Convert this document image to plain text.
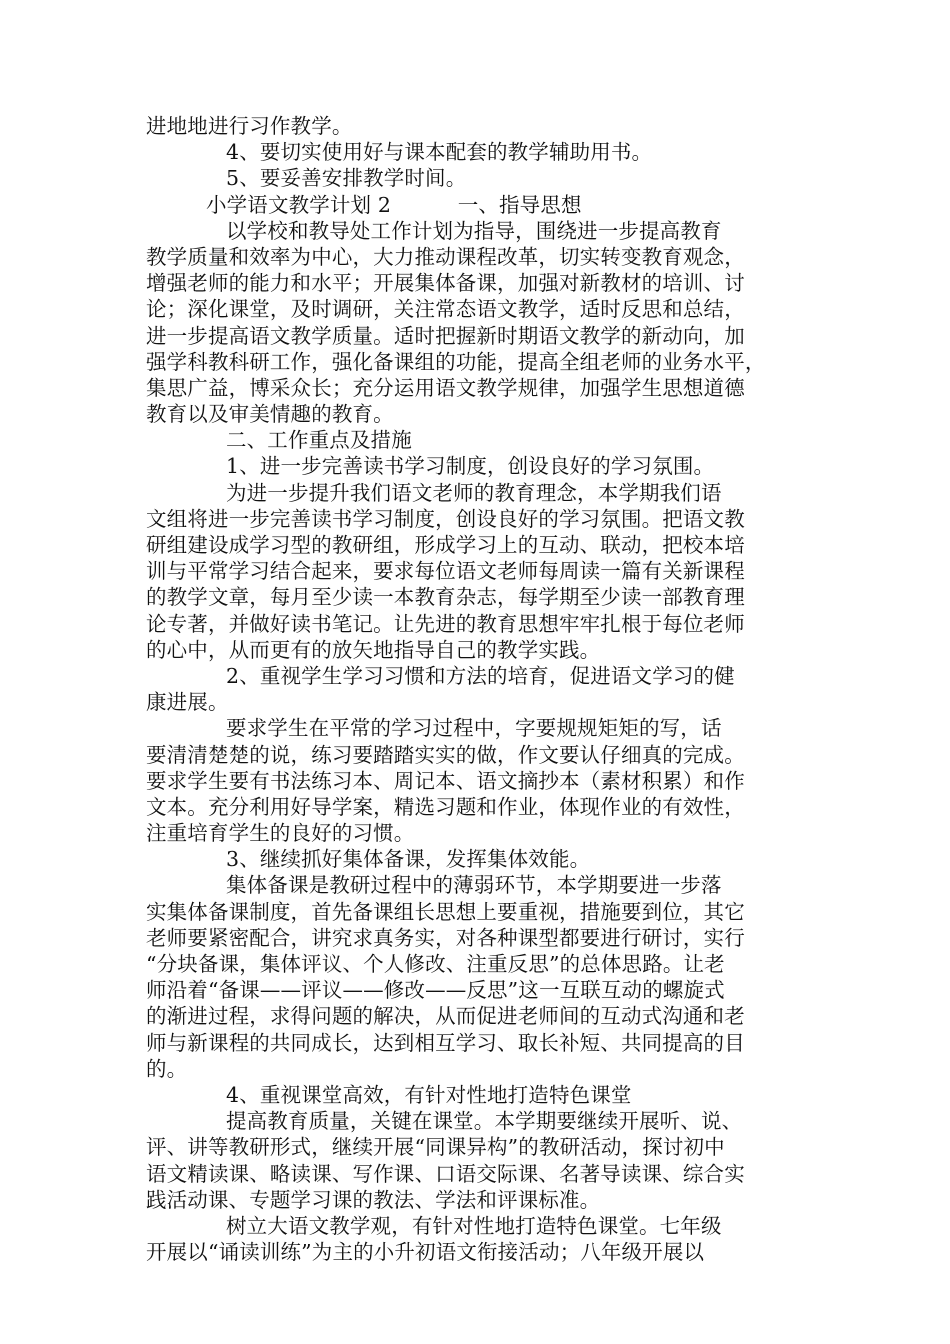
进地地进行习作教学。
4、要切实使用好与课本配套的教学辅助用书。
5、要妥善安排教学时间。
小学语文教学计划 2          一、指导思想
以学校和教导处工作计划为指导，围绕进一步提高教育
教学质量和效率为中心，大力推动课程改革，切实转变教育观念，
增强老师的能力和水平；开展集体备课，加强对新教材的培训、讨
论；深化课堂，及时调研，关注常态语文教学，适时反思和总结，
进一步提高语文教学质量。适时把握新时期语文教学的新动向，加
强学科教科研工作，强化备课组的功能，提高全组老师的业务水平，
集思广益，博采众长；充分运用语文教学规律，加强学生思想道德
教育以及审美情趣的教育。
二、工作重点及措施
1、进一步完善读书学习制度，创设良好的学习氛围。
为进一步提升我们语文老师的教育理念，本学期我们语
文组将进一步完善读书学习制度，创设良好的学习氛围。把语文教
研组建设成学习型的教研组，形成学习上的互动、联动，把校本培
训与平常学习结合起来，要求每位语文老师每周读一篇有关新课程
的教学文章，每月至少读一本教育杂志，每学期至少读一部教育理
论专著，并做好读书笔记。让先进的教育思想牢牢扎根于每位老师
的心中，从而更有的放矢地指导自己的教学实践。
2、重视学生学习习惯和方法的培育，促进语文学习的健
康进展。
要求学生在平常的学习过程中，字要规规矩矩的写，话
要清清楚楚的说，练习要踏踏实实的做，作文要认仔细真的完成。
要求学生要有书法练习本、周记本、语文摘抄本（素材积累）和作
文本。充分利用好导学案，精选习题和作业，体现作业的有效性，
注重培育学生的良好的习惯。
3、继续抓好集体备课，发挥集体效能。
集体备课是教研过程中的薄弱环节，本学期要进一步落
实集体备课制度，首先备课组长思想上要重视，措施要到位，其它
老师要紧密配合，讲究求真务实，对各种课型都要进行研讨，实行
“分块备课，集体评议、个人修改、注重反思”的总体思路。让老
师沿着“备课——评议——修改——反思”这一互联互动的螺旋式
的渐进过程，求得问题的解决，从而促进老师间的互动式沟通和老
师与新课程的共同成长，达到相互学习、取长补短、共同提高的目
的。
4、重视课堂高效，有针对性地打造特色课堂
提高教育质量，关键在课堂。本学期要继续开展听、说、
评、讲等教研形式，继续开展“同课异构”的教研活动，探讨初中
语文精读课、略读课、写作课、口语交际课、名著导读课、综合实
践活动课、专题学习课的教法、学法和评课标准。
树立大语文教学观，有针对性地打造特色课堂。七年级
开展以“诵读训练”为主的小升初语文衔接活动；八年级开展以
